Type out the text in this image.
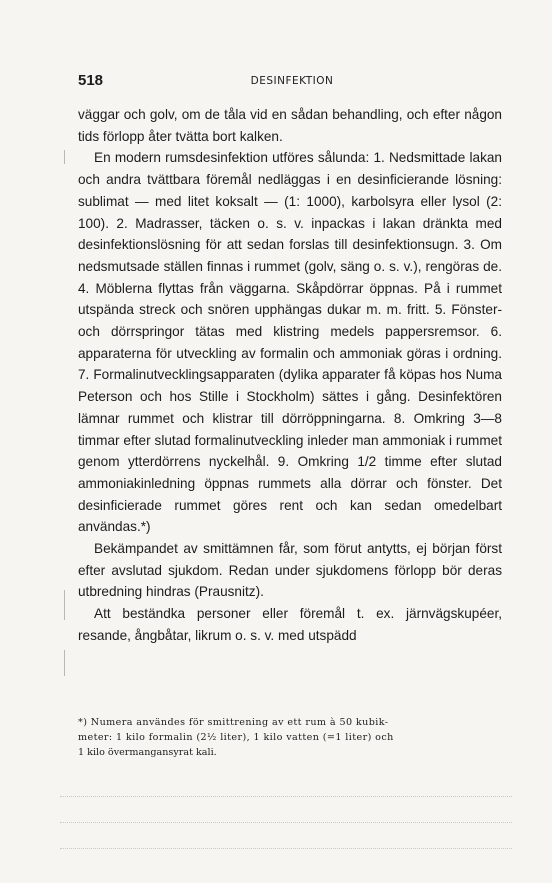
518	DESINFEKTION

väggar och golv, om de tåla vid en sådan behandling, och efter någon tids förlopp åter tvätta bort kalken.

En modern rumsdesinfektion utföres sålunda: 1. Nedsmittade lakan och andra tvättbara föremål nedläggas i en desinficierande lösning: sublimat — med litet koksalt — (1: 1000), karbolsyra eller lysol (2: 100). 2. Madrasser, täcken o. s. v. inpackas i lakan dränkta med desinfektionslösning för att sedan forslas till desinfektionsugn. 3. Om nedsmutsade ställen finnas i rummet (golv, säng o. s. v.), rengöras de. 4. Möblerna flyttas från väggarna. Skåpdörrar öppnas. På i rummet utspända streck och snören upphängas dukar m. m. fritt. 5. Fönster- och dörrspringor tätas med klistring medels pappersremsor. 6. apparaterna för utveckling av formalin och ammoniak göras i ordning. 7. Formalinutvecklingsapparaten (dylika apparater få köpas hos Numa Peterson och hos Stille i Stockholm) sättes i gång. Desinfektören lämnar rummet och klistrar till dörröppningarna. 8. Omkring 3—8 timmar efter slutad formalinutveckling inleder man ammoniak i rummet genom ytterdörrens nyckelhål. 9. Omkring 1/2 timme efter slutad ammoniakinledning öppnas rummets alla dörrar och fönster. Det desinficierade rummet göres rent och kan sedan omedelbart användas.*)

Bekämpandet av smittämnen får, som förut antytts, ej början först efter avslutad sjukdom. Redan under sjukdomens förlopp bör deras utbredning hindras (Prausnitz).

Att beständka personer eller föremål t. ex. järnvägskupéer, resande, ångbåtar, likrum o. s. v. med utspädd

*) Numera användes för smittrening av ett rum à 50 kubik-
meter: 1 kilo formalin (2½ liter), 1 kilo vatten (=1 liter) och
1 kilo övermangansyrat kali.
